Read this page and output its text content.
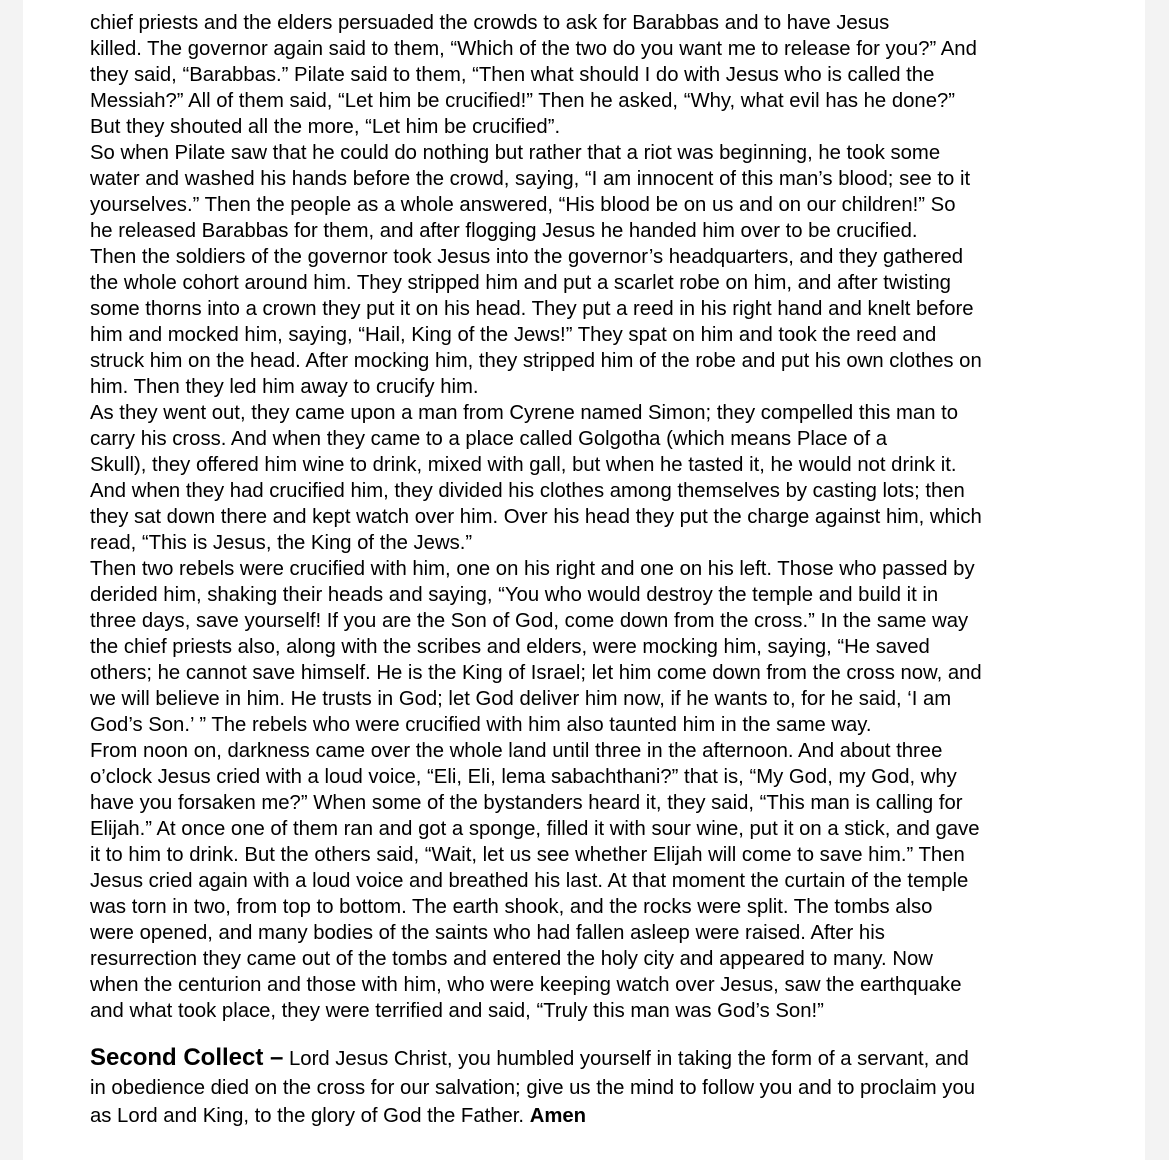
chief priests and the elders persuaded the crowds to ask for Barabbas and to have Jesus
killed. The governor again said to them, “Which of the two do you want me to release for you?” And
they said, “Barabbas.” Pilate said to them, “Then what should I do with Jesus who is called the
Messiah?” All of them said, “Let him be crucified!” Then he asked, “Why, what evil has he done?”
But they shouted all the more, “Let him be crucified”.

So when Pilate saw that he could do nothing but rather that a riot was beginning, he took some
water and washed his hands before the crowd, saying, “I am innocent of this man’s blood; see to it
yourselves.” Then the people as a whole answered, “His blood be on us and on our children!” So
he released Barabbas for them, and after flogging Jesus he handed him over to be crucified.

Then the soldiers of the governor took Jesus into the governor’s headquarters, and they gathered
the whole cohort around him. They stripped him and put a scarlet robe on him, and after twisting
some thorns into a crown they put it on his head. They put a reed in his right hand and knelt before
him and mocked him, saying, “Hail, King of the Jews!” They spat on him and took the reed and
struck him on the head. After mocking him, they stripped him of the robe and put his own clothes on
him. Then they led him away to crucify him.

As they went out, they came upon a man from Cyrene named Simon; they compelled this man to
carry his cross. And when they came to a place called Golgotha (which means Place of a
Skull), they offered him wine to drink, mixed with gall, but when he tasted it, he would not drink it.
And when they had crucified him, they divided his clothes among themselves by casting lots; then
they sat down there and kept watch over him. Over his head they put the charge against him, which
read, “This is Jesus, the King of the Jews.”

Then two rebels were crucified with him, one on his right and one on his left. Those who passed by
derided him, shaking their heads and saying, “You who would destroy the temple and build it in
three days, save yourself! If you are the Son of God, come down from the cross.” In the same way
the chief priests also, along with the scribes and elders, were mocking him, saying, “He saved
others; he cannot save himself. He is the King of Israel; let him come down from the cross now, and
we will believe in him. He trusts in God; let God deliver him now, if he wants to, for he said, ‘I am
God’s Son.’ ” The rebels who were crucified with him also taunted him in the same way.

From noon on, darkness came over the whole land until three in the afternoon. And about three
o’clock Jesus cried with a loud voice, “Eli, Eli, lema sabachthani?” that is, “My God, my God, why
have you forsaken me?” When some of the bystanders heard it, they said, “This man is calling for
Elijah.” At once one of them ran and got a sponge, filled it with sour wine, put it on a stick, and gave
it to him to drink. But the others said, “Wait, let us see whether Elijah will come to save him.” Then
Jesus cried again with a loud voice and breathed his last. At that moment the curtain of the temple
was torn in two, from top to bottom. The earth shook, and the rocks were split. The tombs also
were opened, and many bodies of the saints who had fallen asleep were raised. After his
resurrection they came out of the tombs and entered the holy city and appeared to many. Now
when the centurion and those with him, who were keeping watch over Jesus, saw the earthquake
and what took place, they were terrified and said, “Truly this man was God’s Son!”

Second Collect – Lord Jesus Christ, you humbled yourself in taking the form of a servant, and
in obedience died on the cross for our salvation; give us the mind to follow you and to proclaim you
as Lord and King, to the glory of God the Father. Amen
